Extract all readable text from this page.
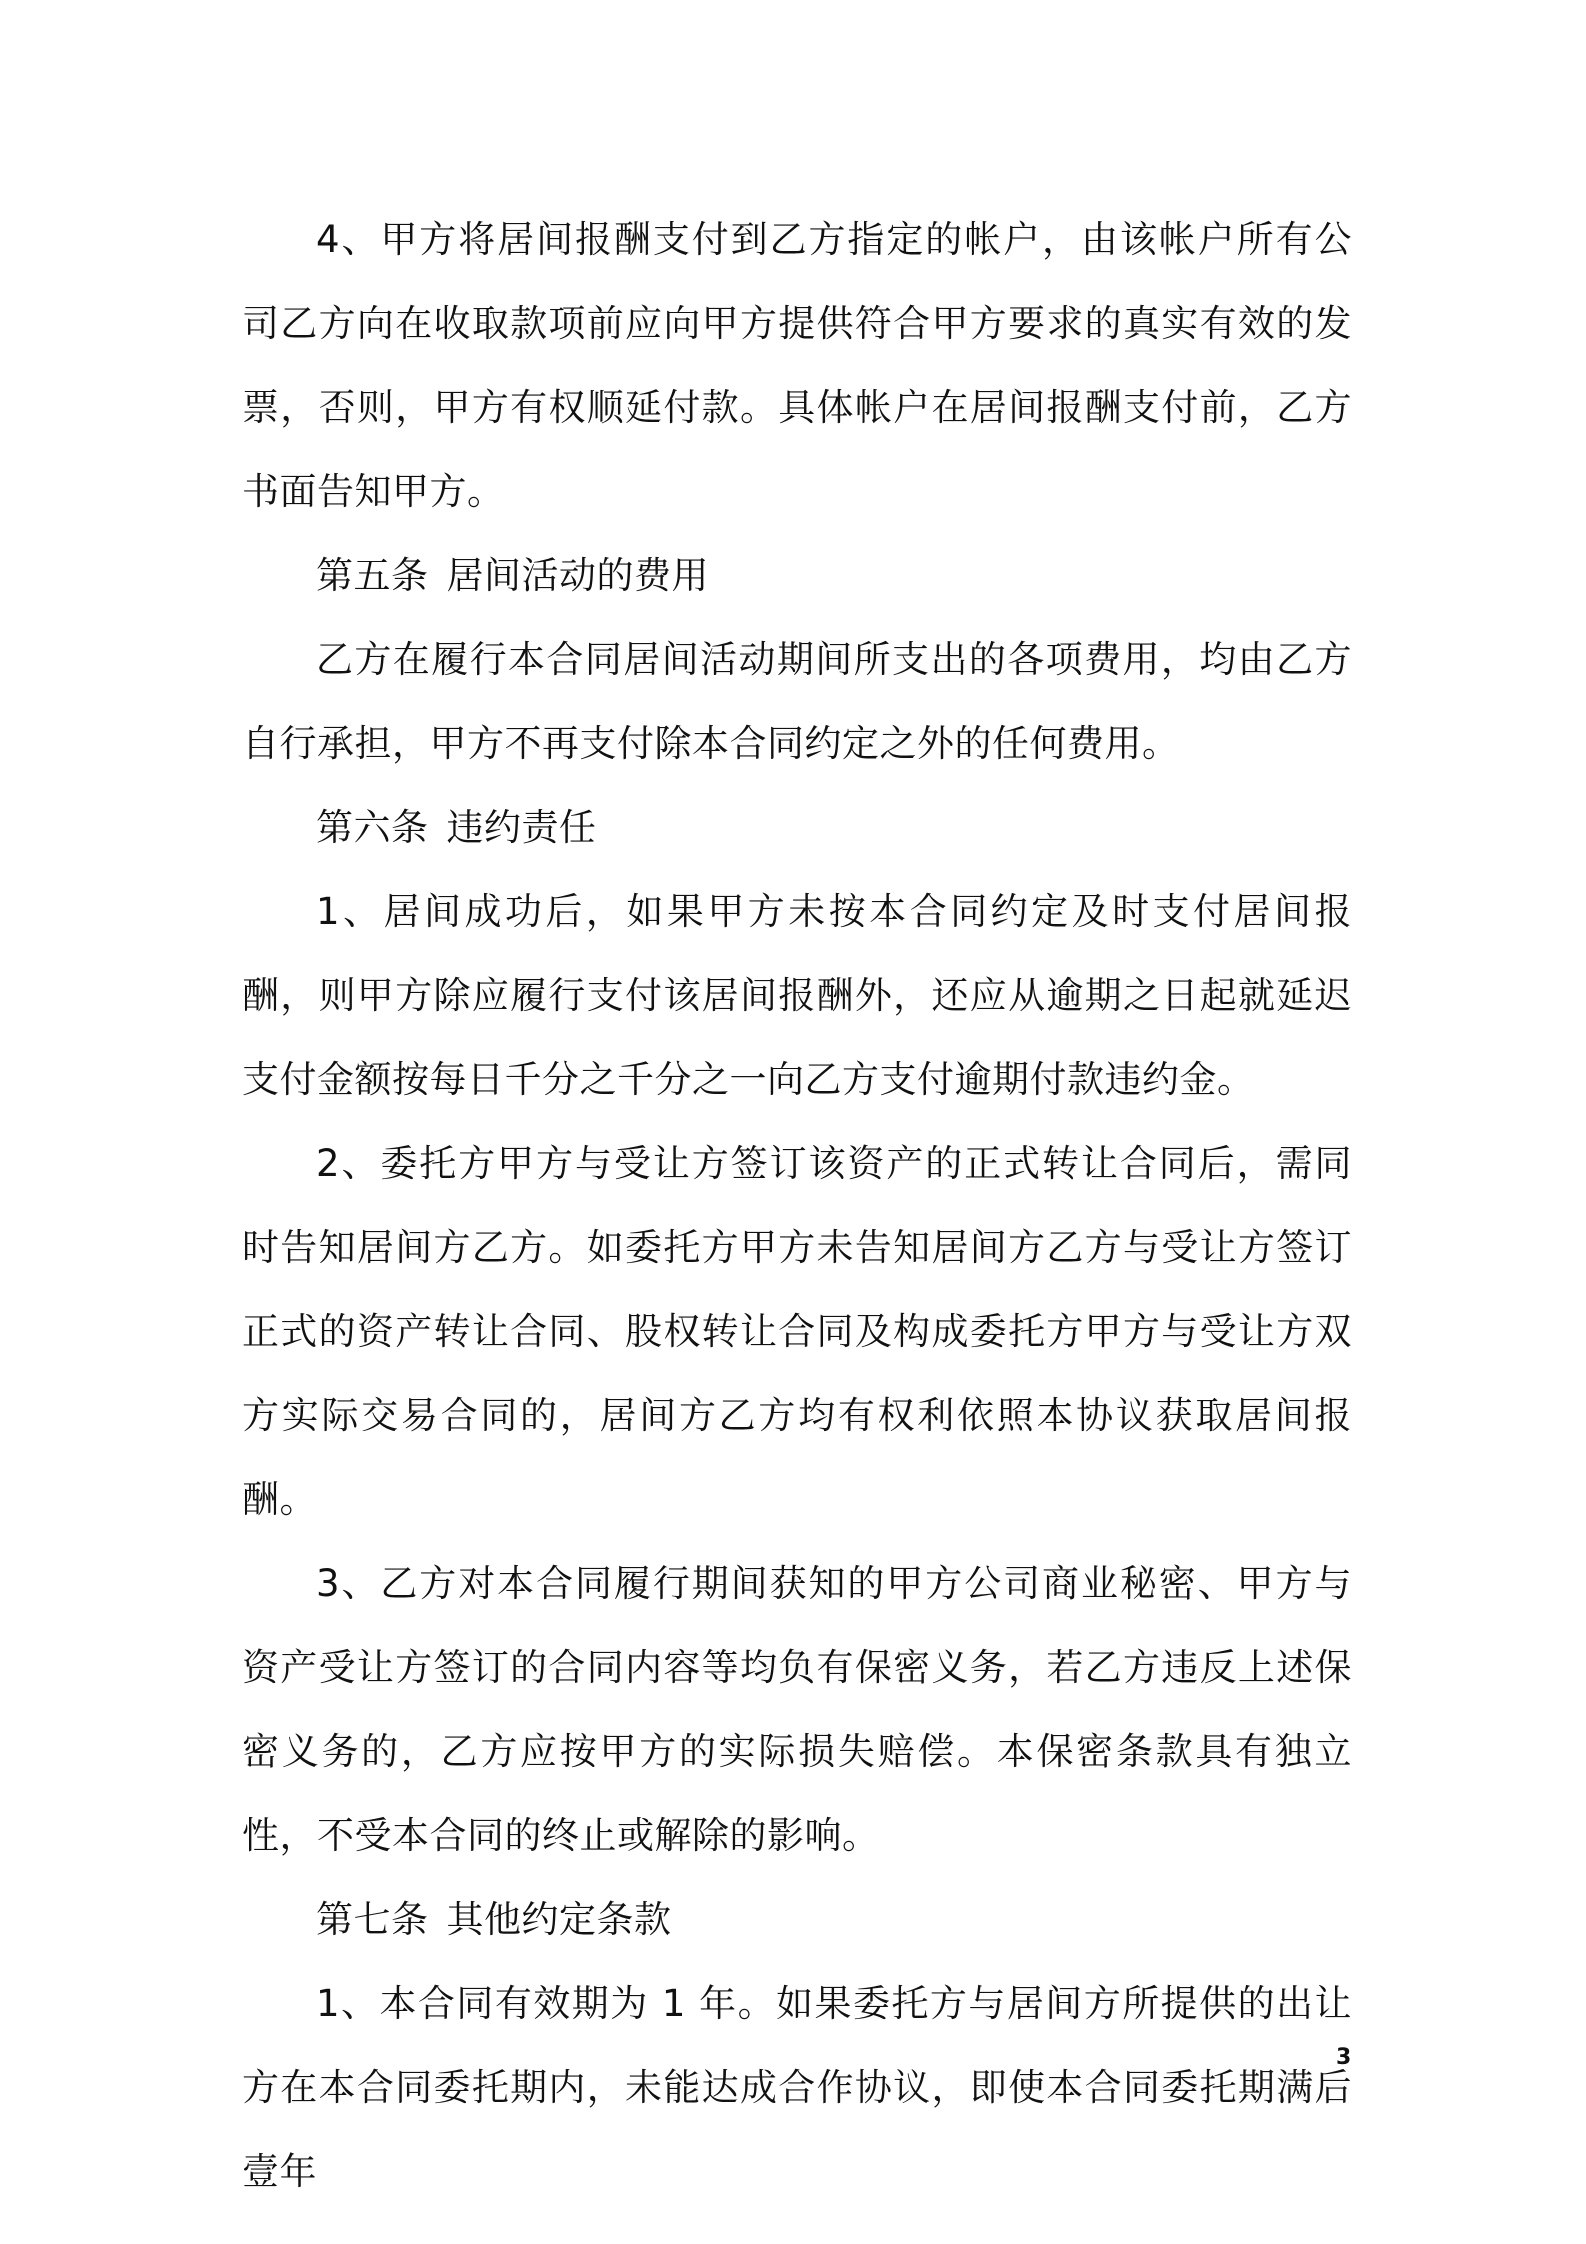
4、甲方将居间报酬支付到乙方指定的帐户，由该帐户所有公司乙方向在收取款项前应向甲方提供符合甲方要求的真实有效的发票，否则，甲方有权顺延付款。具体帐户在居间报酬支付前，乙方书面告知甲方。

第五条 居间活动的费用

乙方在履行本合同居间活动期间所支出的各项费用，均由乙方自行承担，甲方不再支付除本合同约定之外的任何费用。

第六条 违约责任

1、居间成功后，如果甲方未按本合同约定及时支付居间报酬，则甲方除应履行支付该居间报酬外，还应从逾期之日起就延迟支付金额按每日千分之千分之一向乙方支付逾期付款违约金。

2、委托方甲方与受让方签订该资产的正式转让合同后，需同时告知居间方乙方。如委托方甲方未告知居间方乙方与受让方签订正式的资产转让合同、股权转让合同及构成委托方甲方与受让方双方实际交易合同的，居间方乙方均有权利依照本协议获取居间报酬。

3、乙方对本合同履行期间获知的甲方公司商业秘密、甲方与资产受让方签订的合同内容等均负有保密义务，若乙方违反上述保密义务的，乙方应按甲方的实际损失赔偿。本保密条款具有独立性，不受本合同的终止或解除的影响。

第七条 其他约定条款

1、本合同有效期为 1 年。如果委托方与居间方所提供的出让方在本合同委托期内，未能达成合作协议，即使本合同委托期满后壹年

3
